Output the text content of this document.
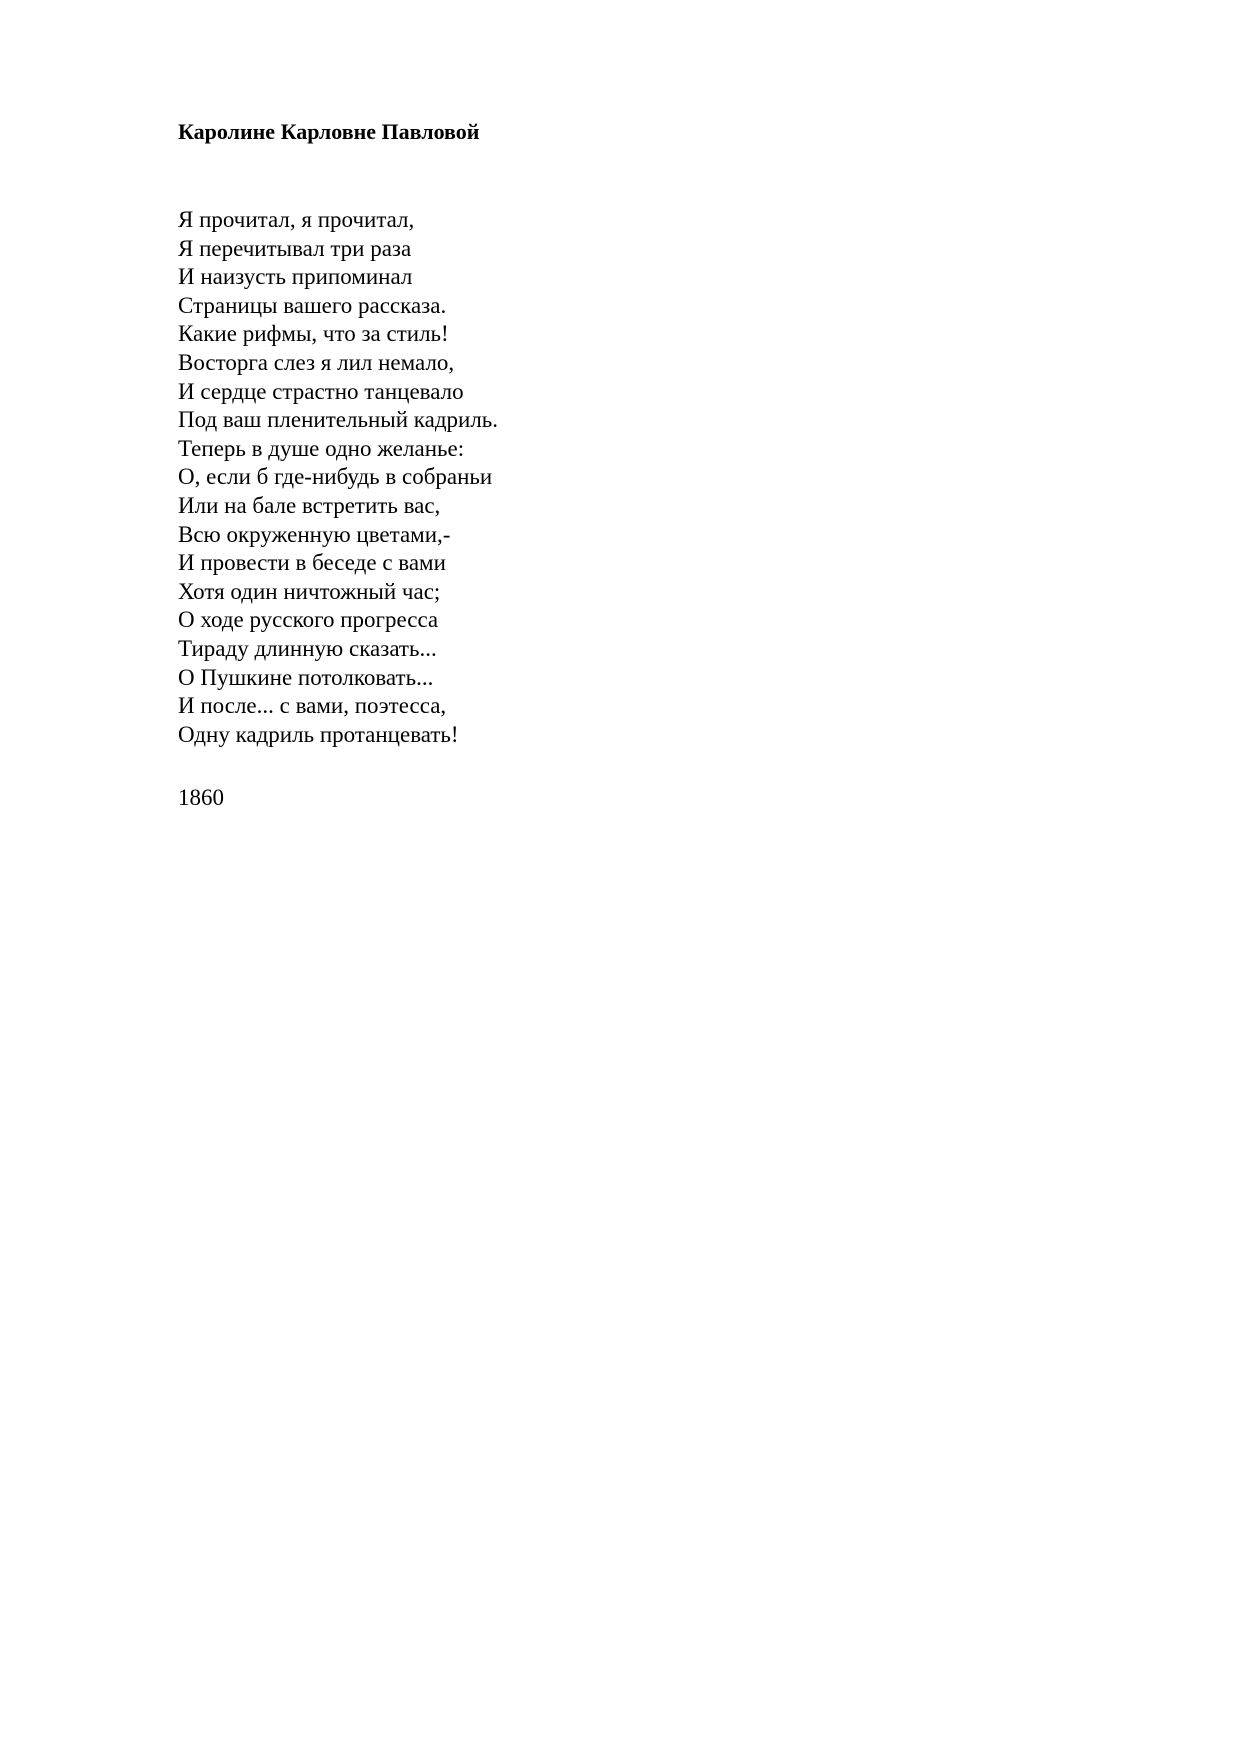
Каролине Карловне Павловой
Я прочитал, я прочитал,
Я перечитывал три раза
И наизусть припоминал
Страницы вашего рассказа.
Какие рифмы, что за стиль!
Восторга слез я лил немало,
И сердце страстно танцевало
Под ваш пленительный кадриль.
Теперь в душе одно желанье:
О, если б где-нибудь в собраньи
Или на бале встретить вас,
Всю окруженную цветами,-
И провести в беседе с вами
Хотя один ничтожный час;
О ходе русского прогресса
Тираду длинную сказать...
О Пушкине потолковать...
И после... с вами, поэтесса,
Одну кадриль протанцевать!

1860
